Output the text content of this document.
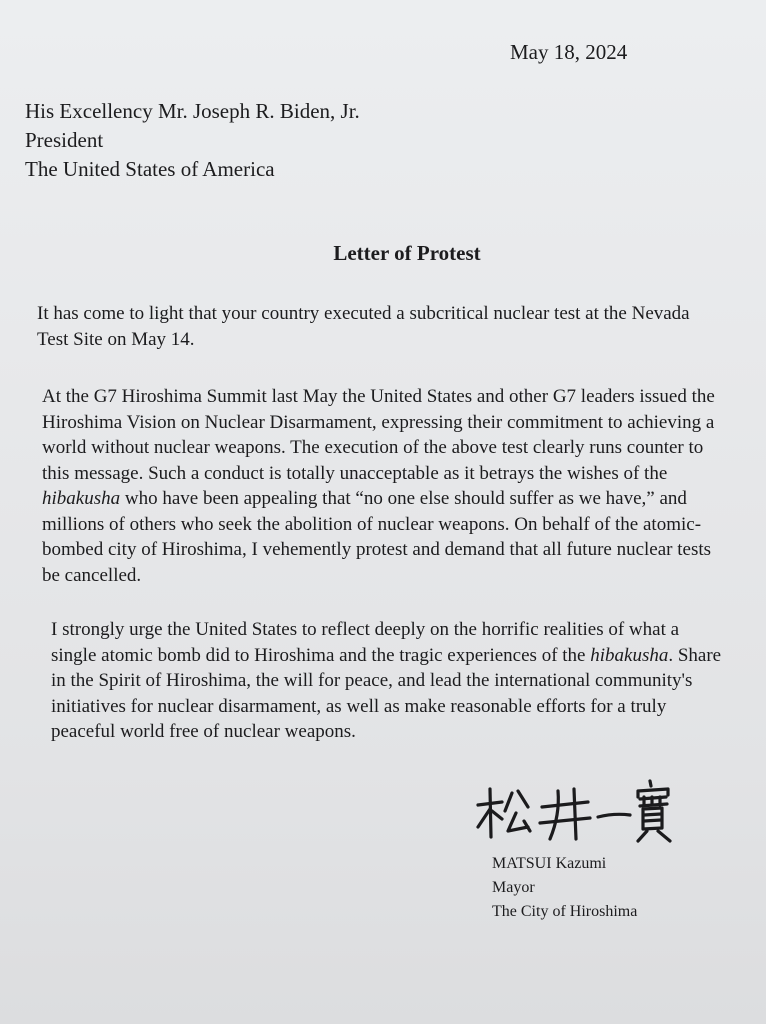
May 18, 2024
His Excellency Mr. Joseph R. Biden, Jr.
President
The United States of America
Letter of Protest
It has come to light that your country executed a subcritical nuclear test at the Nevada
Test Site on May 14.
At the G7 Hiroshima Summit last May the United States and other G7 leaders issued the
Hiroshima Vision on Nuclear Disarmament, expressing their commitment to achieving a
world without nuclear weapons. The execution of the above test clearly runs counter to
this message. Such a conduct is totally unacceptable as it betrays the wishes of the
hibakusha who have been appealing that “no one else should suffer as we have,” and
millions of others who seek the abolition of nuclear weapons. On behalf of the atomic-
bombed city of Hiroshima, I vehemently protest and demand that all future nuclear tests
be cancelled.
I strongly urge the United States to reflect deeply on the horrific realities of what a
single atomic bomb did to Hiroshima and the tragic experiences of the hibakusha. Share
in the Spirit of Hiroshima, the will for peace, and lead the international community's
initiatives for nuclear disarmament, as well as make reasonable efforts for a truly
peaceful world free of nuclear weapons.
MATSUI Kazumi
Mayor
The City of Hiroshima
